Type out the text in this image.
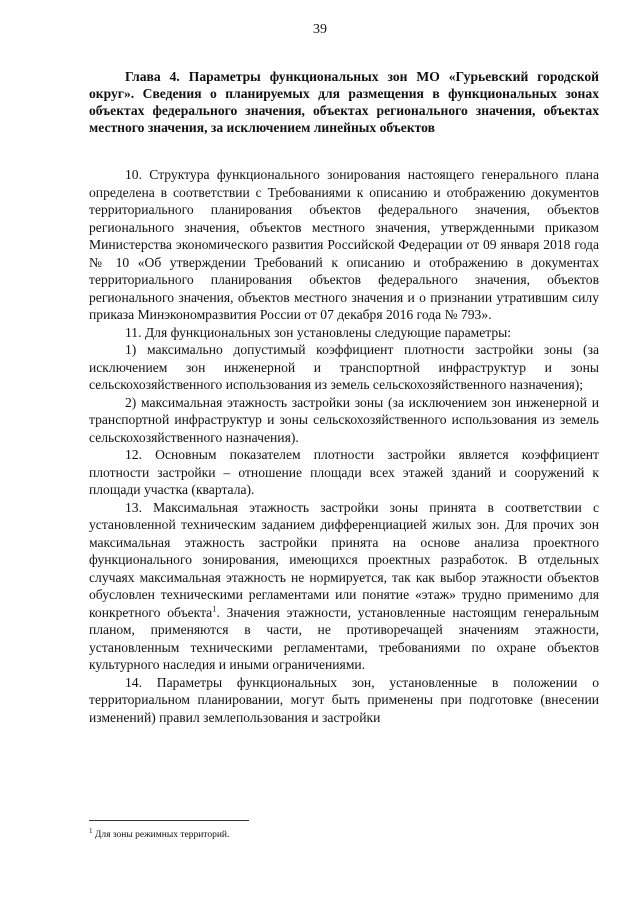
39

Глава 4. Параметры функциональных зон МО «Гурьевский городской округ». Сведения о планируемых для размещения в функциональных зонах объектах федерального значения, объектах регионального значения, объектах местного значения, за исключением линейных объектов

10. Структура функционального зонирования настоящего генерального плана определена в соответствии с Требованиями к описанию и отображению документов территориального планирования объектов федерального значения, объектов регионального значения, объектов местного значения, утвержденными приказом Министерства экономического развития Российской Федерации от 09 января 2018 года № 10 «Об утверждении Требований к описанию и отображению в документах территориального планирования объектов федерального значения, объектов регионального значения, объектов местного значения и о признании утратившим силу приказа Минэкономразвития России от 07 декабря 2016 года № 793».

11. Для функциональных зон установлены следующие параметры:

1) максимально допустимый коэффициент плотности застройки зоны (за исключением зон инженерной и транспортной инфраструктур и зоны сельскохозяйственного использования из земель сельскохозяйственного назначения);

2) максимальная этажность застройки зоны (за исключением зон инженерной и транспортной инфраструктур и зоны сельскохозяйственного использования из земель сельскохозяйственного назначения).

12. Основным показателем плотности застройки является коэффициент плотности застройки – отношение площади всех этажей зданий и сооружений к площади участка (квартала).

13. Максимальная этажность застройки зоны принята в соответствии с установленной техническим заданием дифференциацией жилых зон. Для прочих зон максимальная этажность застройки принята на основе анализа проектного функционального зонирования, имеющихся проектных разработок. В отдельных случаях максимальная этажность не нормируется, так как выбор этажности объектов обусловлен техническими регламентами или понятие «этаж» трудно применимо для конкретного объекта$^1$. Значения этажности, установленные настоящим генеральным планом, применяются в части, не противоречащей значениям этажности, установленным техническими регламентами, требованиями по охране объектов культурного наследия и иными ограничениями.

14. Параметры функциональных зон, установленные в положении о территориальном планировании, могут быть применены при подготовке (внесении изменений) правил землепользования и застройки

$^1$ Для зоны режимных территорий.
